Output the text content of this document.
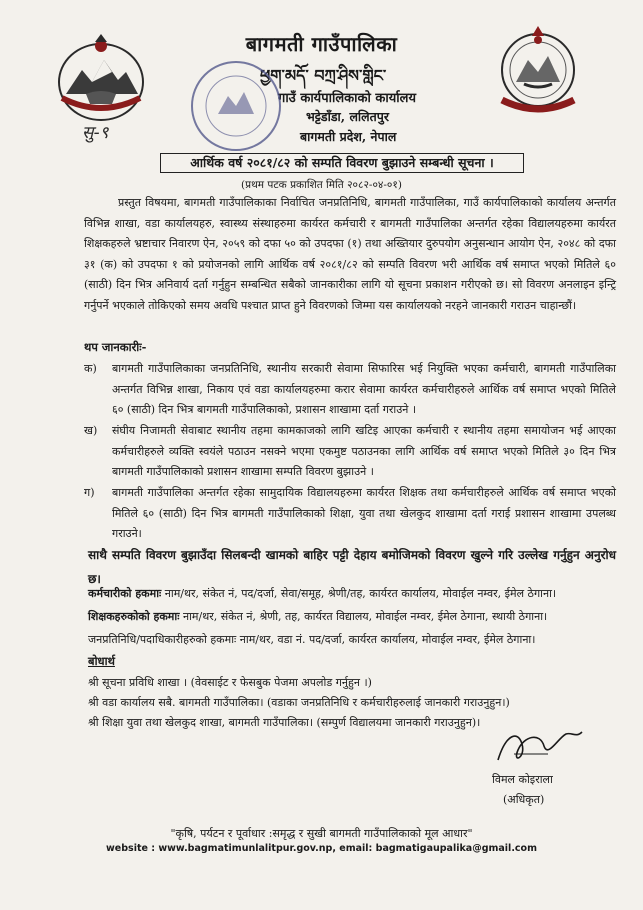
बागमती गाउँपालिका
ཕྱག་མདོ་ བཀྲ་ཤིས་གླིང་
गाउँ कार्यपालिकाको कार्यालय
भट्टेडाँडा, ललितपुर
बागमती प्रदेश, नेपाल
सु-९
आर्थिक वर्ष २०८१/८२ को सम्पति विवरण बुझाउने सम्बन्धी सूचना ।
(प्रथम पटक प्रकाशित मिति २०८२-०४-०१)
प्रस्तुत विषयमा, बागमती गाउँपालिकाका निर्वाचित जनप्रतिनिधि, बागमती गाउँपालिका, गाउँ कार्यपालिकाको कार्यालय अन्तर्गत विभिन्न शाखा, वडा कार्यालयहरु, स्वास्थ्य संस्थाहरुमा कार्यरत कर्मचारी र बागमती गाउँपालिका अन्तर्गत रहेका विद्यालयहरुमा कार्यरत शिक्षकहरुले भ्रष्टाचार निवारण ऐन, २०५९ को दफा ५० को उपदफा (१) तथा अख्तियार दुरुपयोग अनुसन्धान आयोग ऐन, २०४८ को दफा ३१ (क) को उपदफा १ को प्रयोजनको लागि आर्थिक वर्ष २०८१/८२ को सम्पति विवरण भरी आर्थिक वर्ष समाप्त भएको मितिले ६० (साठी) दिन भित्र अनिवार्य दर्ता गर्नुहुन सम्बन्धित सबैको जानकारीका लागि यो सूचना प्रकाशन गरीएको छ। सो विवरण अनलाइन इन्ट्रि गर्नुपर्ने भएकाले तोकिएको समय अवधि पश्चात प्राप्त हुने विवरणको जिम्मा यस कार्यालयको नरहने जानकारी गराउन चाहान्छौं।
थप जानकारीः-
क)	बागमती गाउँपालिकाका जनप्रतिनिधि, स्थानीय सरकारी सेवामा सिफारिस भई नियुक्ति भएका कर्मचारी, बागमती गाउँपालिका अन्तर्गत विभिन्न शाखा, निकाय एवं वडा कार्यालयहरुमा करार सेवामा कार्यरत कर्मचारीहरुले आर्थिक वर्ष समाप्त भएको मितिले ६० (साठी) दिन भित्र बागमती गाउँपालिकाको, प्रशासन शाखामा दर्ता गराउने ।
ख)	संघीय निजामती सेवाबाट स्थानीय तहमा कामकाजको लागि खटिइ आएका कर्मचारी र स्थानीय तहमा समायोजन भई आएका कर्मचारीहरुले व्यक्ति स्वयंले पठाउन नसक्ने भएमा एकमुष्ट पठाउनका लागि आर्थिक वर्ष समाप्त भएको मितिले ३० दिन भित्र बागमती गाउँपालिकाको प्रशासन शाखामा सम्पति विवरण बुझाउने ।
ग)	बागमती गाउँपालिका अन्तर्गत रहेका सामुदायिक विद्यालयहरुमा कार्यरत शिक्षक तथा कर्मचारीहरुले आर्थिक वर्ष समाप्त भएको मितिले ६० (साठी) दिन भित्र बागमती गाउँपालिकाको शिक्षा, युवा तथा खेलकुद शाखामा दर्ता गराई प्रशासन शाखामा उपलब्ध गराउने।
साथै सम्पति विवरण बुझाउँदा सिलबन्दी खामको बाहिर पट्टी देहाय बमोजिमको विवरण खुल्ने गरि उल्लेख गर्नुहुन अनुरोध छ।
कर्मचारीको हकमाः नाम/थर, संकेत नं, पद/दर्जा, सेवा/समूह, श्रेणी/तह, कार्यरत कार्यालय, मोवाईल नम्वर, ईमेल ठेगाना।
शिक्षकहरुकोको हकमाः नाम/थर, संकेत नं, श्रेणी, तह, कार्यरत विद्यालय, मोवाईल नम्वर, ईमेल ठेगाना, स्थायी ठेगाना।
जनप्रतिनिधि/पदाधिकारीहरुको हकमाः नाम/थर, वडा नं. पद/दर्जा, कार्यरत कार्यालय, मोवाईल नम्वर, ईमेल ठेगाना।
बोधार्थ
श्री सूचना प्रविधि शाखा । (वेवसाईट र फेसबुक पेजमा अपलोड गर्नुहुन ।)
श्री वडा कार्यालय सबै. बागमती गाउँपालिका। (वडाका जनप्रतिनिधि र कर्मचारीहरुलाई जानकारी गराउनुहुन।)
श्री शिक्षा युवा तथा खेलकुद शाखा, बागमती गाउँपालिका। (सम्पुर्ण विद्यालयमा जानकारी गराउनुहुन)।
विमल कोइराला
(अधिकृत)
"कृषि, पर्यटन र पूर्वाधार :समृद्ध र सुखी बागमती गाउँपालिकाको मूल आधार"
website : www.bagmatimunlalitpur.gov.np, email: bagmatigaupalika@gmail.com
